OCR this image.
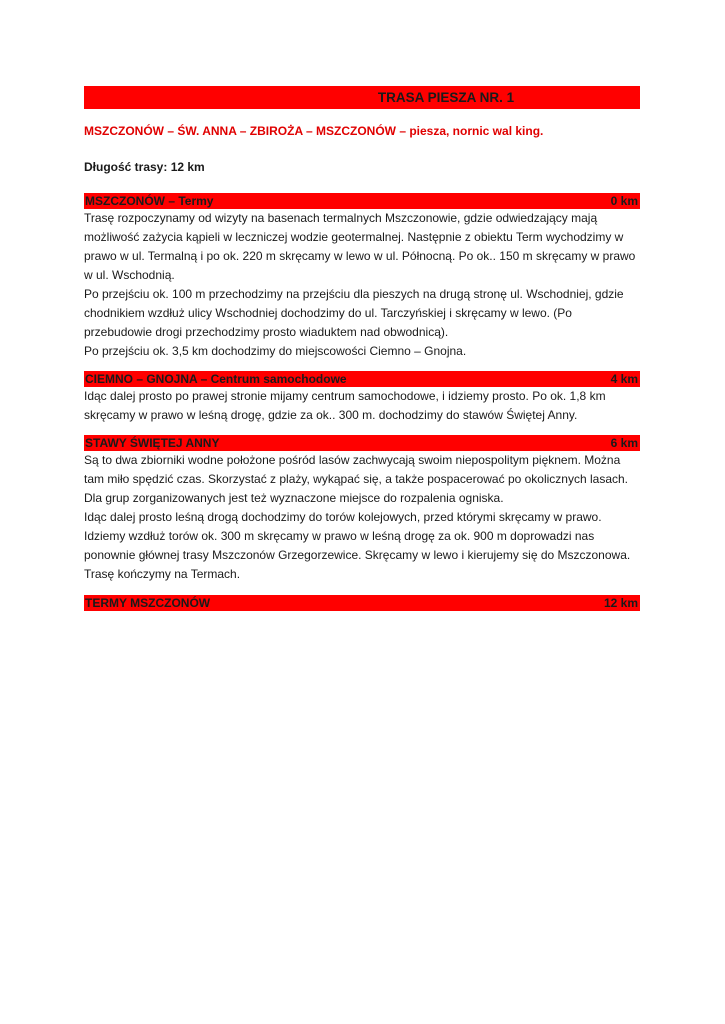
TRASA PIESZA NR. 1
MSZCZONÓW – ŚW. ANNA – ZBIROŻA – MSZCZONÓW – piesza, nornic wal king.
Długość trasy: 12 km
MSZCZONÓW – Termy	0 km

Trasę rozpoczynamy od wizyty na basenach termalnych Mszczonowie, gdzie odwiedzający mają możliwość zażycia kąpieli w leczniczej wodzie geotermalnej. Następnie z obiektu Term wychodzimy w prawo w ul. Termalną i po ok. 220 m skręcamy w lewo w ul. Północną. Po ok.. 150 m skręcamy w prawo w ul. Wschodnią.

Po przejściu ok. 100 m przechodzimy na przejściu dla pieszych na drugą stronę ul. Wschodniej, gdzie chodnikiem wzdłuż ulicy Wschodniej dochodzimy do ul. Tarczyńskiej i skręcamy w lewo. (Po przebudowie drogi przechodzimy prosto wiaduktem nad obwodnicą).

Po przejściu ok. 3,5 km dochodzimy do miejscowości Ciemno – Gnojna.

CIEMNO – GNOJNA – Centrum samochodowe	4 km

Idąc dalej prosto po prawej stronie mijamy centrum samochodowe, i idziemy prosto. Po ok. 1,8 km skręcamy w prawo w leśną drogę, gdzie za ok.. 300 m. dochodzimy do stawów Świętej Anny.

STAWY ŚWIĘTEJ ANNY	6 km

Są to dwa zbiorniki wodne położone pośród lasów zachwycają swoim niepospolitym pięknem. Można tam miło spędzić czas. Skorzystać z plaży, wykąpać się, a także pospacerować po okolicznych lasach. Dla grup zorganizowanych jest też wyznaczone miejsce do rozpalenia ogniska.

Idąc dalej prosto leśną drogą dochodzimy do torów kolejowych, przed którymi skręcamy w prawo. Idziemy wzdłuż torów ok. 300 m skręcamy w prawo w leśną drogę za ok. 900 m doprowadzi nas ponownie głównej trasy Mszczonów Grzegorzewice. Skręcamy w lewo i kierujemy się do Mszczonowa. Trasę kończymy na Termach.

TERMY MSZCZONÓW	12 km
